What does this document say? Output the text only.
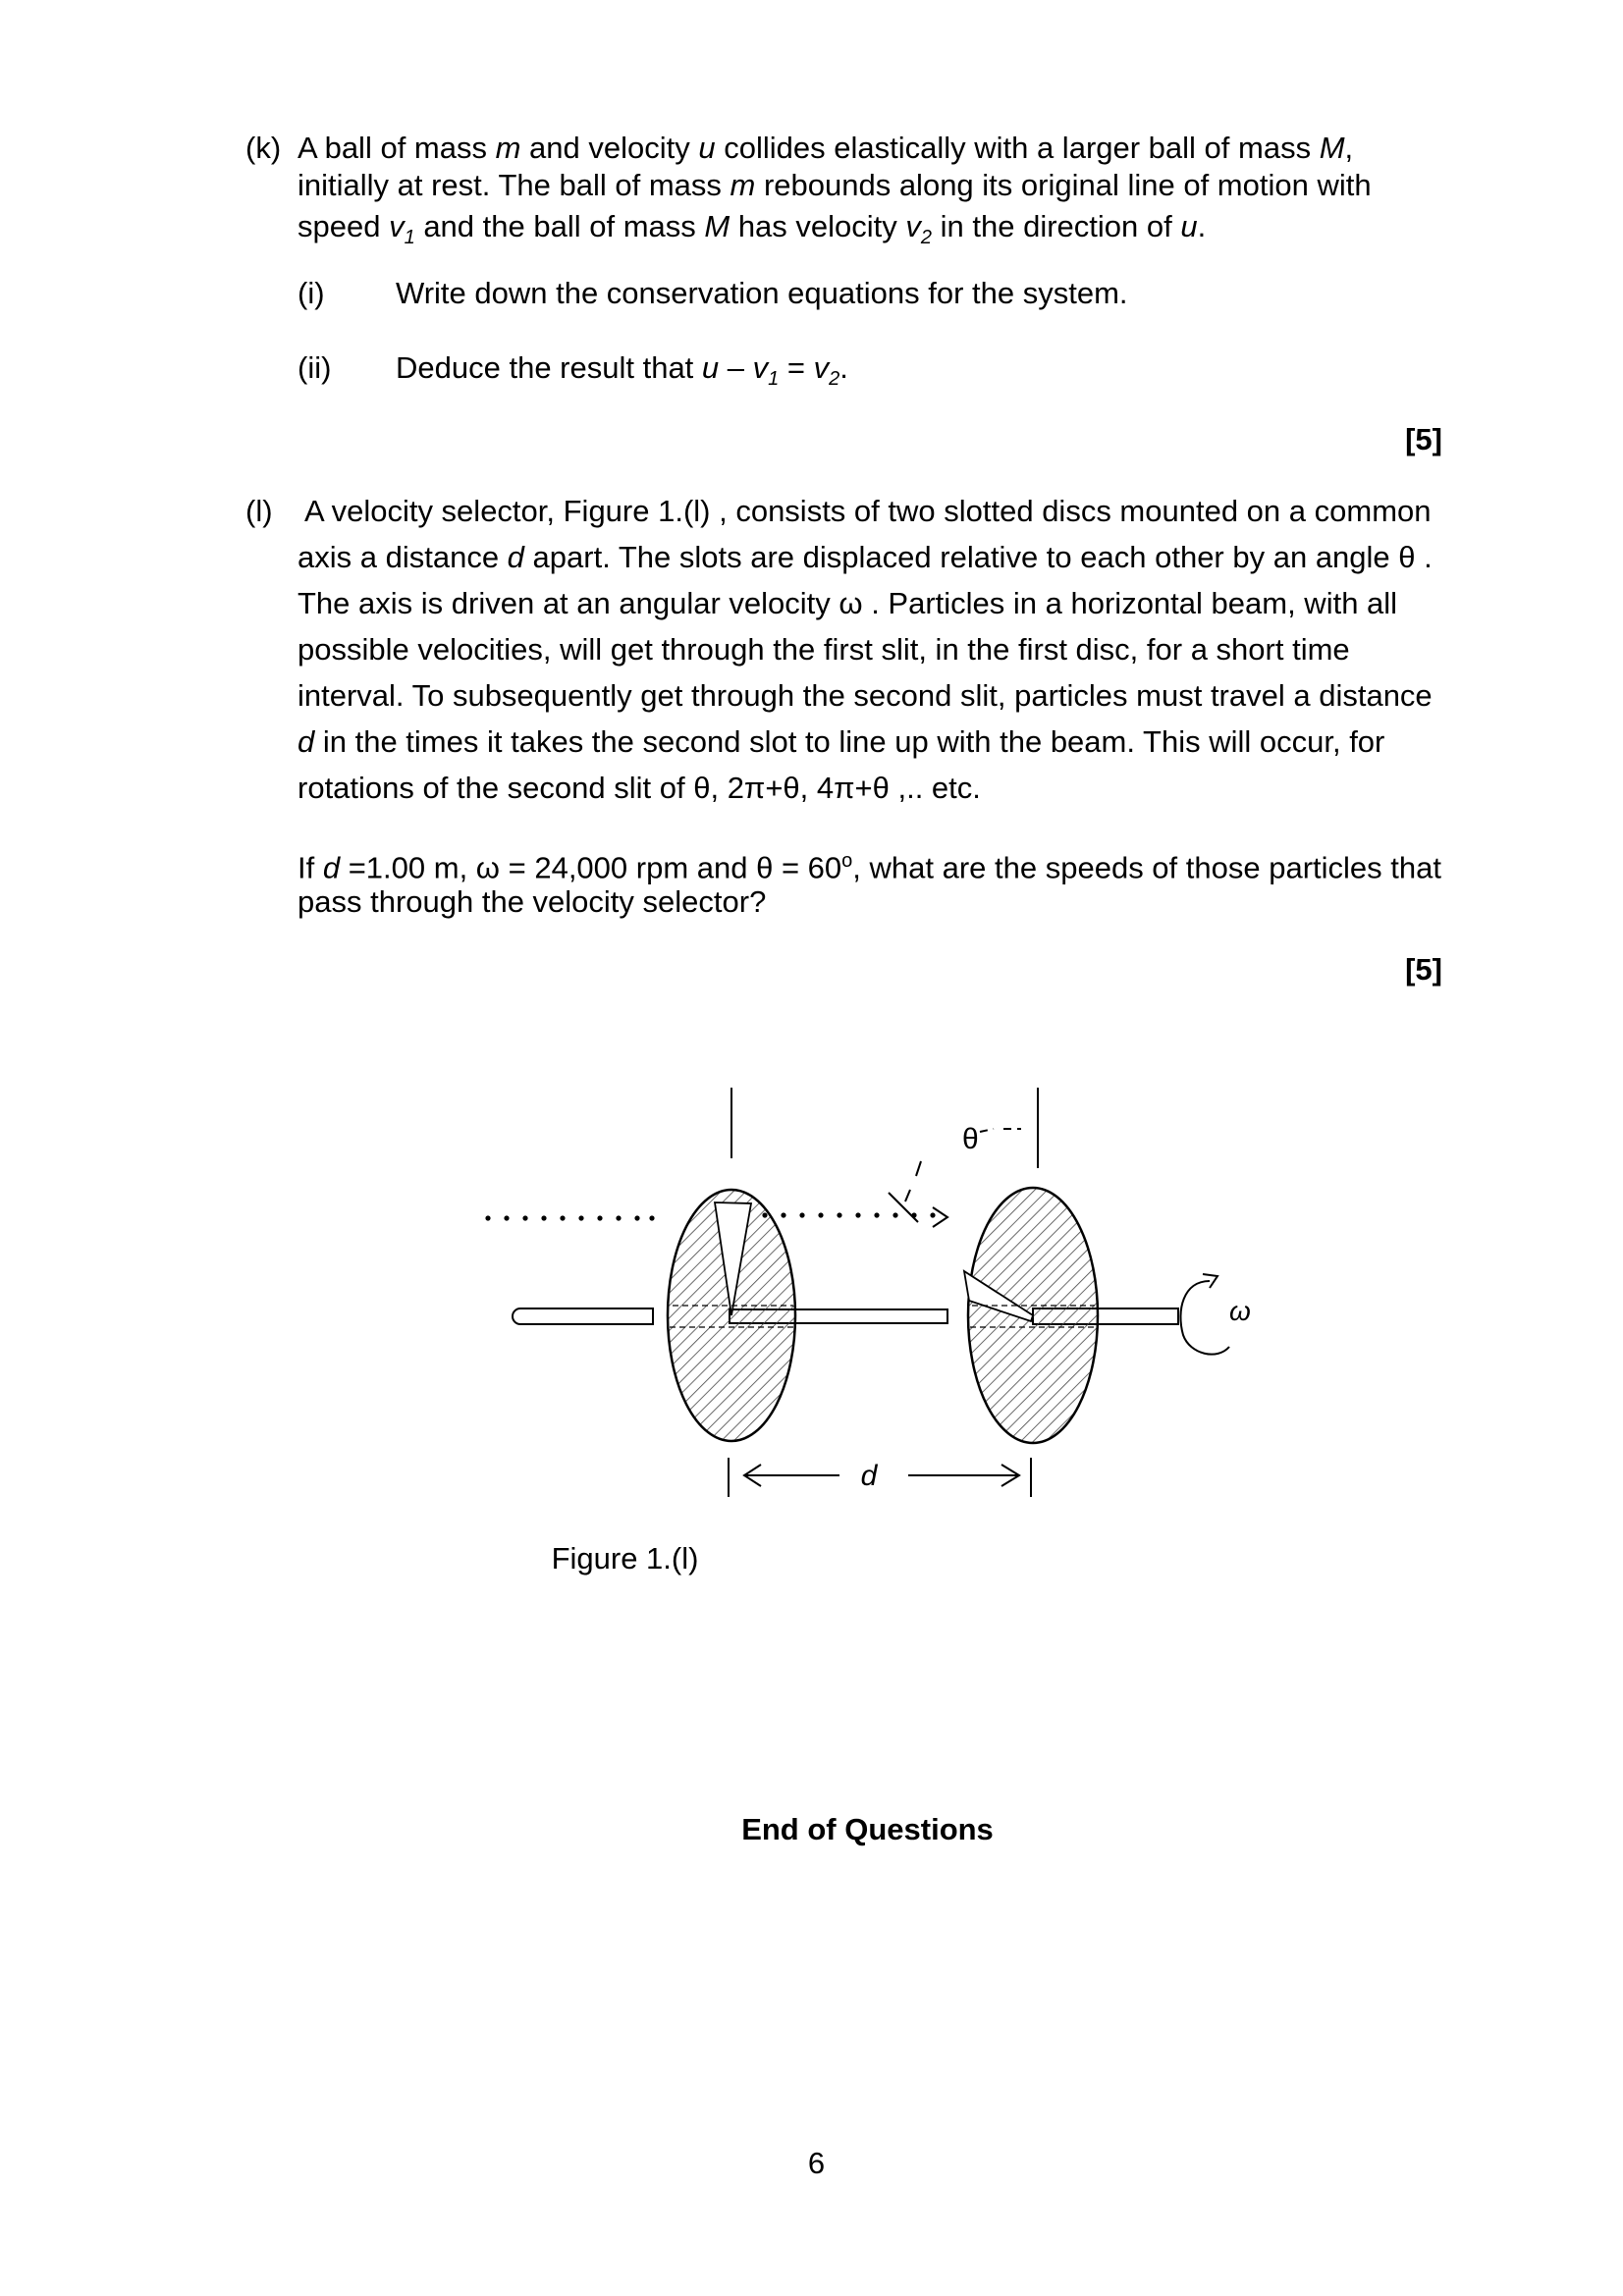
(k) A ball of mass m and velocity u collides elastically with a larger ball of mass M,
initially at rest. The ball of mass m rebounds along its original line of motion with
speed $v_1$ and the ball of mass M has velocity $v_2$ in the direction of u.
(i) Write down the conservation equations for the system.
(ii) Deduce the result that $u - v_1 = v_2$.
[5]
(l) A velocity selector, Figure 1.(l) , consists of two slotted discs mounted on a common
axis a distance d apart. The slots are displaced relative to each other by an angle θ .
The axis is driven at an angular velocity ω . Particles in a horizontal beam, with all
possible velocities, will get through the first slit, in the first disc, for a short time
interval. To subsequently get through the second slit, particles must travel a distance
d in the times it takes the second slot to line up with the beam. This will occur, for
rotations of the second slit of θ, 2π+θ, 4π+θ ,.. etc.
If d =1.00 m, ω = 24,000 rpm and $\theta = 60^o$, what are the speeds of those particles that
pass through the velocity selector?
[5]
θ
ω
d
Figure 1.(l)
End of Questions
6
